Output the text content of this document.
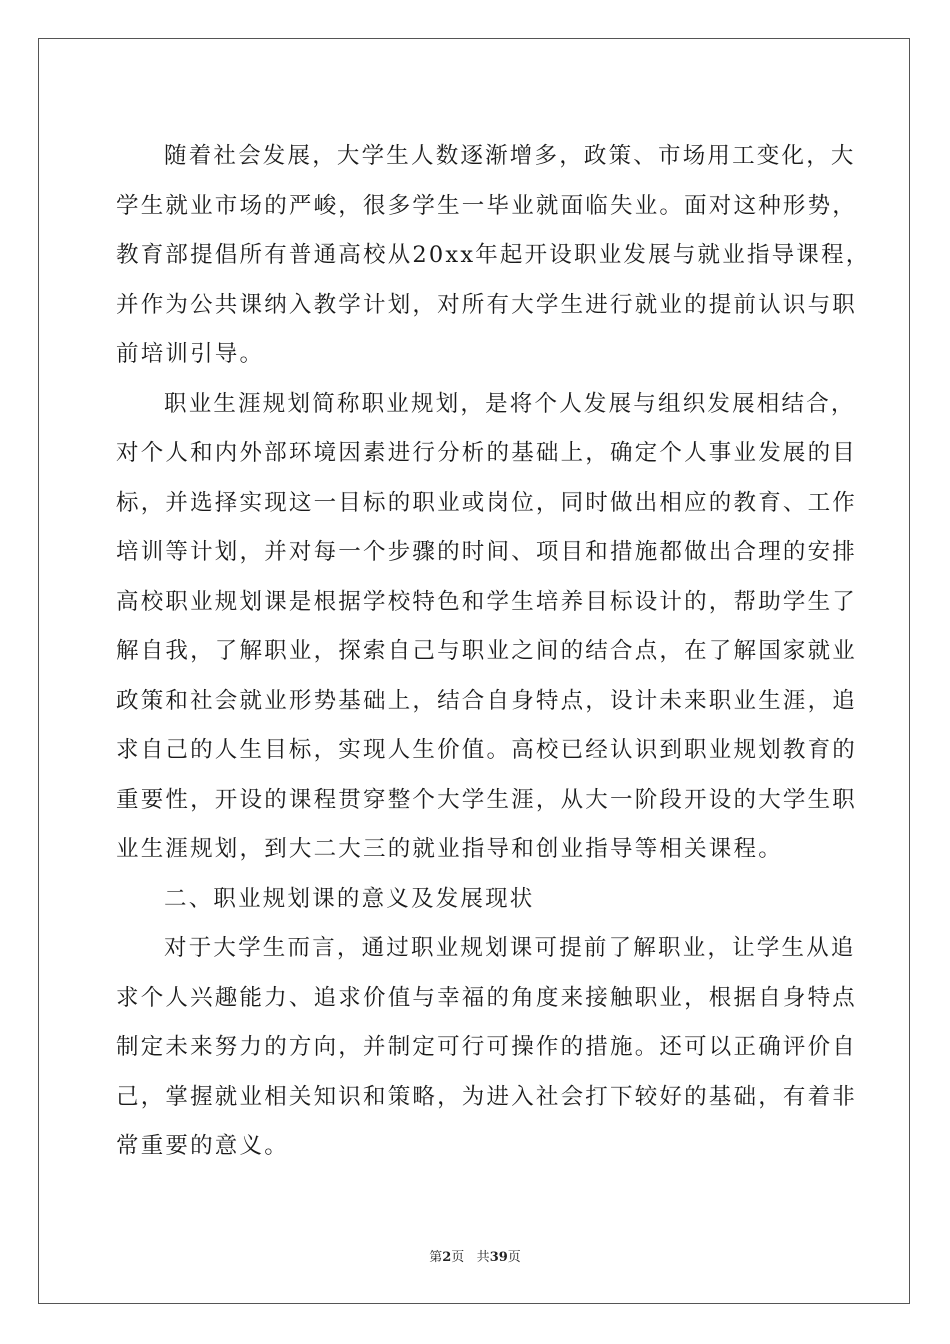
随着社会发展，大学生人数逐渐增多，政策、市场用工变化，大

学生就业市场的严峻，很多学生一毕业就面临失业。面对这种形势，

教育部提倡所有普通高校从20xx年起开设职业发展与就业指导课程，

并作为公共课纳入教学计划，对所有大学生进行就业的提前认识与职

前培训引导。

职业生涯规划简称职业规划，是将个人发展与组织发展相结合，

对个人和内外部环境因素进行分析的基础上，确定个人事业发展的目

标，并选择实现这一目标的职业或岗位，同时做出相应的教育、工作

培训等计划，并对每一个步骤的时间、项目和措施都做出合理的安排

高校职业规划课是根据学校特色和学生培养目标设计的，帮助学生了

解自我，了解职业，探索自己与职业之间的结合点，在了解国家就业

政策和社会就业形势基础上，结合自身特点，设计未来职业生涯，追

求自己的人生目标，实现人生价值。高校已经认识到职业规划教育的

重要性，开设的课程贯穿整个大学生涯，从大一阶段开设的大学生职

业生涯规划，到大二大三的就业指导和创业指导等相关课程。

二、职业规划课的意义及发展现状

对于大学生而言，通过职业规划课可提前了解职业，让学生从追

求个人兴趣能力、追求价值与幸福的角度来接触职业，根据自身特点

制定未来努力的方向，并制定可行可操作的措施。还可以正确评价自

己，掌握就业相关知识和策略，为进入社会打下较好的基础，有着非

常重要的意义。

第2页 共39页
